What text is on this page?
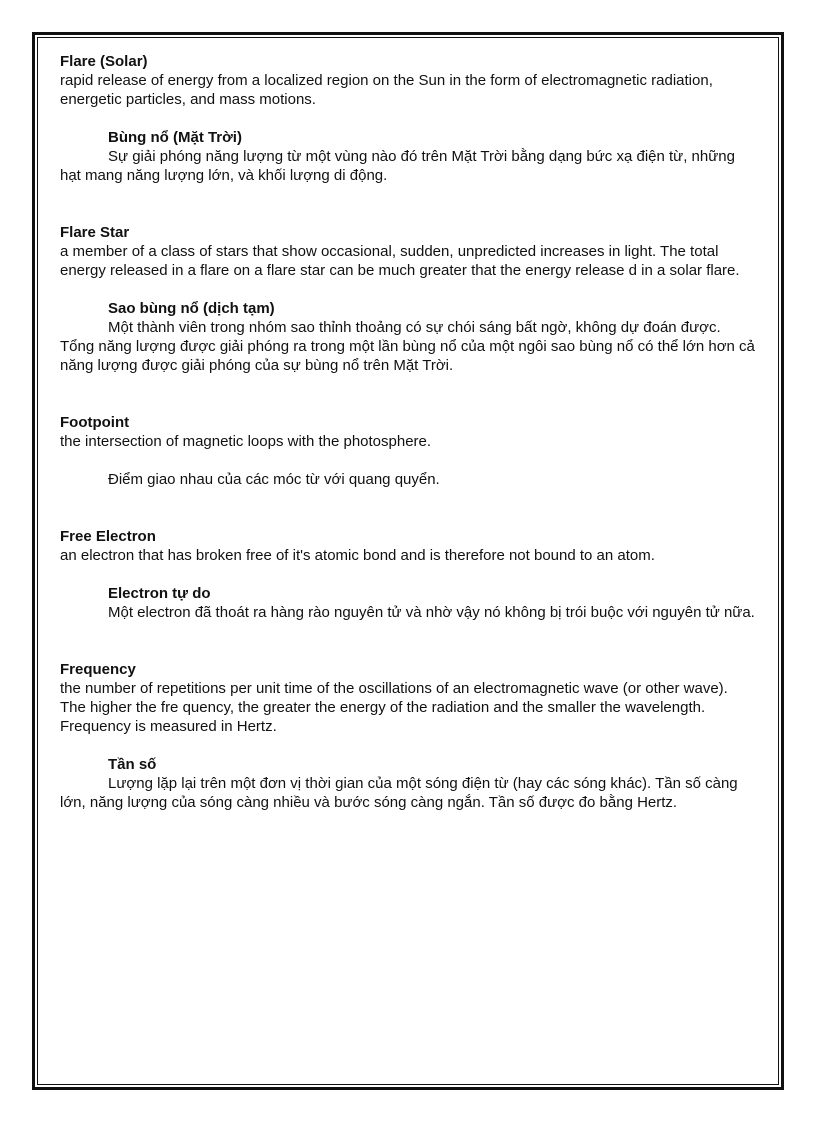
Flare (Solar)

rapid release of energy from a localized region on the Sun in the form of electromagnetic radiation, energetic particles, and mass motions.

Bùng nổ (Mặt Trời)

Sự giải phóng năng lượng từ một vùng nào đó trên Mặt Trời bằng dạng bức xạ điện từ, những hạt mang năng lượng lớn, và khối lượng di động.

Flare Star

a member of a class of stars that show occasional, sudden, unpredicted increases in light. The total energy released in a flare on a flare star can be much greater that the energy release d in a solar flare.

Sao bùng nổ (dịch tạm)

Một thành viên trong nhóm sao thỉnh thoảng có sự chói sáng bất ngờ, không dự đoán được. Tổng năng lượng được giải phóng ra trong một lần bùng nổ của một ngôi sao bùng nổ có thể lớn hơn cả năng lượng được giải phóng của sự bùng nổ trên Mặt Trời.

Footpoint

the intersection of magnetic loops with the photosphere.

Điểm giao nhau của các móc từ với quang quyển.

Free Electron

an electron that has broken free of it's atomic bond and is therefore not bound to an atom.

Electron tự do

Một electron đã thoát ra hàng rào nguyên tử và nhờ vậy nó không bị trói buộc với nguyên tử nữa.

Frequency

the number of repetitions per unit time of the oscillations of an electromagnetic wave (or other wave). The higher the fre quency, the greater the energy of the radiation and the smaller the wavelength. Frequency is measured in Hertz.

Tần số

Lượng lặp lại trên một đơn vị thời gian của một sóng điện từ (hay các sóng khác). Tần số càng lớn, năng lượng của sóng càng nhiều và bước sóng càng ngắn. Tần số được đo bằng Hertz.
